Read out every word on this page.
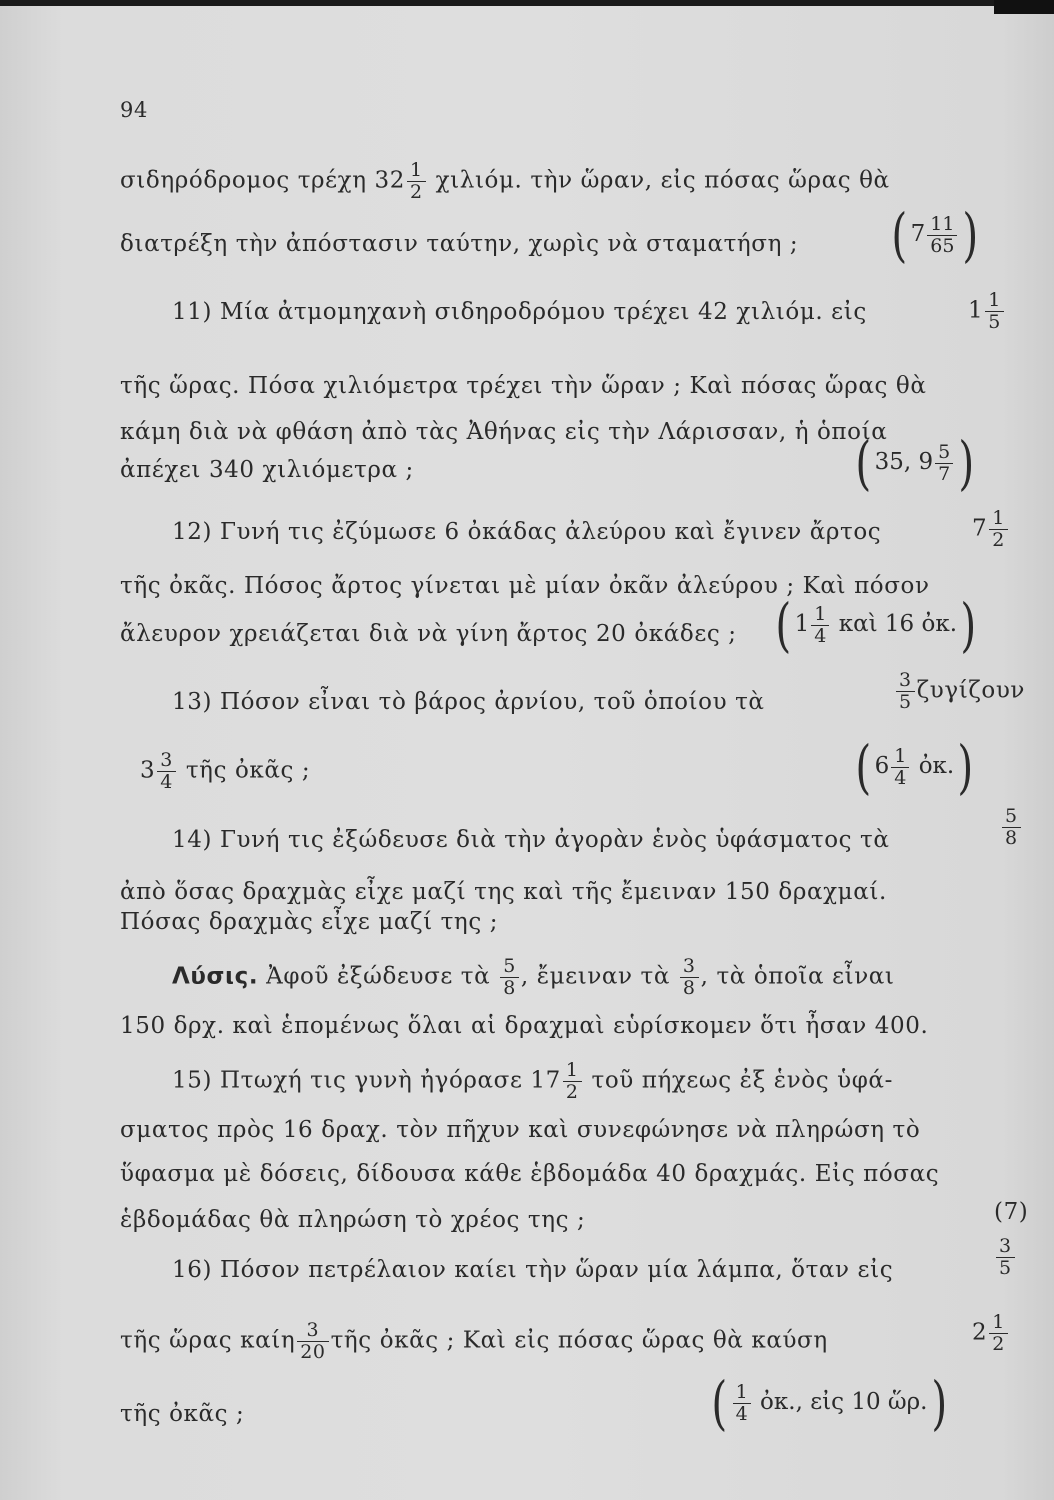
94
σιδηρόδρομος τρέχη $32 \frac{1}{2} \chi\iota\lambda\iota ό\mu$. τὴν ὥραν, εἰς πόσας ὥρας θὰ
διατρέξη τὴν ἀπόστασιν ταύτην, χωρὶς νὰ σταματήση ; ( $7 \frac{11}{65}$ )
11) Μία ἀτμομηχανὴ σιδηροδρόμου τρέχει 42 χιλιόμ. εἰς	$1 \frac{1}{5}$
τῆς ὥρας. Πόσα χιλιόμετρα τρέχει τὴν ὥραν ; Καὶ πόσας ὥρας θὰ
κάμη διὰ νὰ φθάση ἀπὸ τὰς Ἀθήνας εἰς τὴν Λάρισσαν, ἡ ὁποία
ἀπέχει 340 χιλιόμετρα ;	( 35, $9 \frac{5}{7}$ )
12) Γυνή τις ἐζύμωσε 6 ὀκάδας ἀλεύρου καὶ ἔγινεν ἄρτος	$7 \frac{1}{2}$
τῆς ὀκᾶς. Πόσος ἄρτος γίνεται μὲ μίαν ὀκᾶν ἀλεύρου ; Καὶ πόσον
ἄλευρον χρειάζεται διὰ νὰ γίνη ἄρτος 20 ὀκάδες ; ( $1 \frac{1}{4}$ καὶ 16 ὀκ.)
13) Πόσον εἶναι τὸ βάρος ἀρνίου, τοῦ ὁποίου τὰ	$\frac{3}{5}$ ζυγίζουν
$3 \frac{3}{4}$ τῆς ὀκᾶς ;	( $6 \frac{1}{4}$ ὀκ.)
14) Γυνή τις ἐξώδευσε διὰ τὴν ἀγορὰν ἑνὸς ὑφάσματος τὰ	$\frac{5}{8}$
ἀπὸ ὅσας δραχμὰς εἶχε μαζί της καὶ τῆς ἔμειναν 150 δραχμαί.
Πόσας δραχμὰς εἶχε μαζί της ;
Λύσις. Ἀφοῦ ἐξώδευσε τὰ $\frac{5}{8}$ , ἔμειναν τὰ $\frac{3}{8}$ , τὰ ὁποῖα εἶναι
150 δρχ. καὶ ἑπομένως ὅλαι αἱ δραχμαὶ εὑρίσκομεν ὅτι ἦσαν 400.
15) Πτωχή τις γυνὴ ἠγόρασε $17 \frac{1}{2}$ τοῦ πήχεως ἐξ ἑνὸς ὑφά-
σματος πρὸς 16 δραχ. τὸν πῆχυν καὶ συνεφώνησε νὰ πληρώση τὸ
ὕφασμα μὲ δόσεις, δίδουσα κάθε ἑβδομάδα 40 δραχμάς. Εἰς πόσας
ἑβδομάδας θὰ πληρώση τὸ χρέος της ;	(7)
16) Πόσον πετρέλαιον καίει τὴν ὥραν μία λάμπα, ὅταν εἰς	$\frac{3}{5}$
τῆς ὥρας καίη $\frac{3}{20}$ τῆς ὀκᾶς ; Καὶ εἰς πόσας ὥρας θὰ καύση	$2 \frac{1}{2}$
τῆς ὀκᾶς ;	( $\frac{1}{4}$ ὀκ., εἰς 10 ὥρ.)
